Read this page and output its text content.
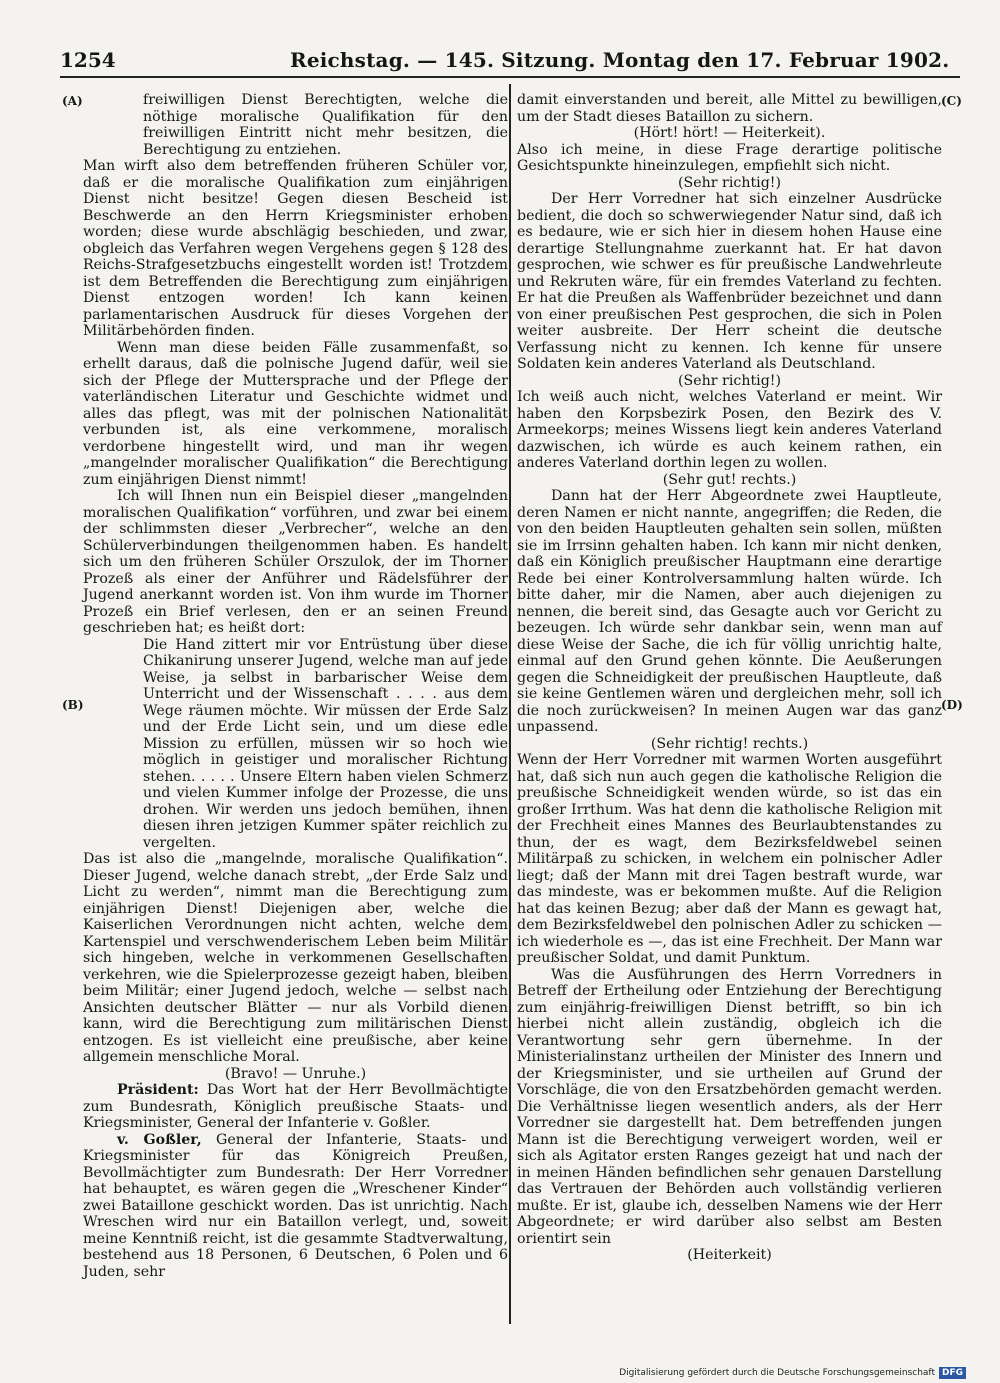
1254	Reichstag. — 145. Sitzung. Montag den 17. Februar 1902.
(A)
(B)
(C)
(D)

freiwilligen Dienst Berechtigten, welche die nöthige moralische Qualifikation für den freiwilligen Eintritt nicht mehr besitzen, die Berechtigung zu entziehen.

Man wirft also dem betreffenden früheren Schüler vor, daß er die moralische Qualifikation zum einjährigen Dienst nicht besitze! Gegen diesen Bescheid ist Beschwerde an den Herrn Kriegsminister erhoben worden; diese wurde abschlägig beschieden, und zwar, obgleich das Verfahren wegen Vergehens gegen § 128 des Reichs-Strafgesetzbuchs eingestellt worden ist! Trotzdem ist dem Betreffenden die Berechtigung zum einjährigen Dienst entzogen worden! Ich kann keinen parlamentarischen Ausdruck für dieses Vorgehen der Militärbehörden finden.

Wenn man diese beiden Fälle zusammenfaßt, so erhellt daraus, daß die polnische Jugend dafür, weil sie sich der Pflege der Muttersprache und der Pflege der vaterländischen Literatur und Geschichte widmet und alles das pflegt, was mit der polnischen Nationalität verbunden ist, als eine verkommene, moralisch verdorbene hingestellt wird, und man ihr wegen „mangelnder moralischer Qualifikation“ die Berechtigung zum einjährigen Dienst nimmt!

Ich will Ihnen nun ein Beispiel dieser „mangelnden moralischen Qualifikation“ vorführen, und zwar bei einem der schlimmsten dieser „Verbrecher“, welche an den Schülerverbindungen theilgenommen haben. Es handelt sich um den früheren Schüler Orszulok, der im Thorner Prozeß als einer der Anführer und Rädelsführer der Jugend anerkannt worden ist. Von ihm wurde im Thorner Prozeß ein Brief verlesen, den er an seinen Freund geschrieben hat; es heißt dort:

Die Hand zittert mir vor Entrüstung über diese Chikanirung unserer Jugend, welche man auf jede Weise, ja selbst in barbarischer Weise dem Unterricht und der Wissenschaft . . . . aus dem Wege räumen möchte. Wir müssen der Erde Salz und der Erde Licht sein, und um diese edle Mission zu erfüllen, müssen wir so hoch wie möglich in geistiger und moralischer Richtung stehen. . . . . Unsere Eltern haben vielen Schmerz und vielen Kummer infolge der Prozesse, die uns drohen. Wir werden uns jedoch bemühen, ihnen diesen ihren jetzigen Kummer später reichlich zu vergelten.

Das ist also die „mangelnde, moralische Qualifikation“. Dieser Jugend, welche danach strebt, „der Erde Salz und Licht zu werden“, nimmt man die Berechtigung zum einjährigen Dienst! Diejenigen aber, welche die Kaiserlichen Verordnungen nicht achten, welche dem Kartenspiel und verschwenderischem Leben beim Militär sich hingeben, welche in verkommenen Gesellschaften verkehren, wie die Spielerprozesse gezeigt haben, bleiben beim Militär; einer Jugend jedoch, welche — selbst nach Ansichten deutscher Blätter — nur als Vorbild dienen kann, wird die Berechtigung zum militärischen Dienst entzogen. Es ist vielleicht eine preußische, aber keine allgemein menschliche Moral.

(Bravo! — Unruhe.)

Präsident: Das Wort hat der Herr Bevollmächtigte zum Bundesrath, Königlich preußische Staats- und Kriegsminister, General der Infanterie v. Goßler.

v. Goßler, General der Infanterie, Staats- und Kriegsminister für das Königreich Preußen, Bevollmächtigter zum Bundesrath: Der Herr Vorredner hat behauptet, es wären gegen die „Wreschener Kinder“ zwei Bataillone geschickt worden. Das ist unrichtig. Nach Wreschen wird nur ein Bataillon verlegt, und, soweit meine Kenntniß reicht, ist die gesammte Stadtverwaltung, bestehend aus 18 Personen, 6 Deutschen, 6 Polen und 6 Juden, sehr

damit einverstanden und bereit, alle Mittel zu bewilligen, um der Stadt dieses Bataillon zu sichern.

(Hört! hört! — Heiterkeit).

Also ich meine, in diese Frage derartige politische Gesichtspunkte hineinzulegen, empfiehlt sich nicht.

(Sehr richtig!)

Der Herr Vorredner hat sich einzelner Ausdrücke bedient, die doch so schwerwiegender Natur sind, daß ich es bedaure, wie er sich hier in diesem hohen Hause eine derartige Stellungnahme zuerkannt hat. Er hat davon gesprochen, wie schwer es für preußische Landwehrleute und Rekruten wäre, für ein fremdes Vaterland zu fechten. Er hat die Preußen als Waffenbrüder bezeichnet und dann von einer preußischen Pest gesprochen, die sich in Polen weiter ausbreite. Der Herr scheint die deutsche Verfassung nicht zu kennen. Ich kenne für unsere Soldaten kein anderes Vaterland als Deutschland.

(Sehr richtig!)

Ich weiß auch nicht, welches Vaterland er meint. Wir haben den Korpsbezirk Posen, den Bezirk des V. Armeekorps; meines Wissens liegt kein anderes Vaterland dazwischen, ich würde es auch keinem rathen, ein anderes Vaterland dorthin legen zu wollen.

(Sehr gut! rechts.)

Dann hat der Herr Abgeordnete zwei Hauptleute, deren Namen er nicht nannte, angegriffen; die Reden, die von den beiden Hauptleuten gehalten sein sollen, müßten sie im Irrsinn gehalten haben. Ich kann mir nicht denken, daß ein Königlich preußischer Hauptmann eine derartige Rede bei einer Kontrolversammlung halten würde. Ich bitte daher, mir die Namen, aber auch diejenigen zu nennen, die bereit sind, das Gesagte auch vor Gericht zu bezeugen. Ich würde sehr dankbar sein, wenn man auf diese Weise der Sache, die ich für völlig unrichtig halte, einmal auf den Grund gehen könnte. Die Aeußerungen gegen die Schneidigkeit der preußischen Hauptleute, daß sie keine Gentlemen wären und dergleichen mehr, soll ich die noch zurückweisen? In meinen Augen war das ganz unpassend.

(Sehr richtig! rechts.)

Wenn der Herr Vorredner mit warmen Worten ausgeführt hat, daß sich nun auch gegen die katholische Religion die preußische Schneidigkeit wenden würde, so ist das ein großer Irrthum. Was hat denn die katholische Religion mit der Frechheit eines Mannes des Beurlaubtenstandes zu thun, der es wagt, dem Bezirksfeldwebel seinen Militärpaß zu schicken, in welchem ein polnischer Adler liegt; daß der Mann mit drei Tagen bestraft wurde, war das mindeste, was er bekommen mußte. Auf die Religion hat das keinen Bezug; aber daß der Mann es gewagt hat, dem Bezirksfeldwebel den polnischen Adler zu schicken — ich wiederhole es —, das ist eine Frechheit. Der Mann war preußischer Soldat, und damit Punktum.

Was die Ausführungen des Herrn Vorredners in Betreff der Ertheilung oder Entziehung der Berechtigung zum einjährig-freiwilligen Dienst betrifft, so bin ich hierbei nicht allein zuständig, obgleich ich die Verantwortung sehr gern übernehme. In der Ministerialinstanz urtheilen der Minister des Innern und der Kriegsminister, und sie urtheilen auf Grund der Vorschläge, die von den Ersatzbehörden gemacht werden. Die Verhältnisse liegen wesentlich anders, als der Herr Vorredner sie dargestellt hat. Dem betreffenden jungen Mann ist die Berechtigung verweigert worden, weil er sich als Agitator ersten Ranges gezeigt hat und nach der in meinen Händen befindlichen sehr genauen Darstellung das Vertrauen der Behörden auch vollständig verlieren mußte. Er ist, glaube ich, desselben Namens wie der Herr Abgeordnete; er wird darüber also selbst am Besten orientirt sein

(Heiterkeit)

Digitalisierung gefördert durch die Deutsche Forschungsgemeinschaft DFG
